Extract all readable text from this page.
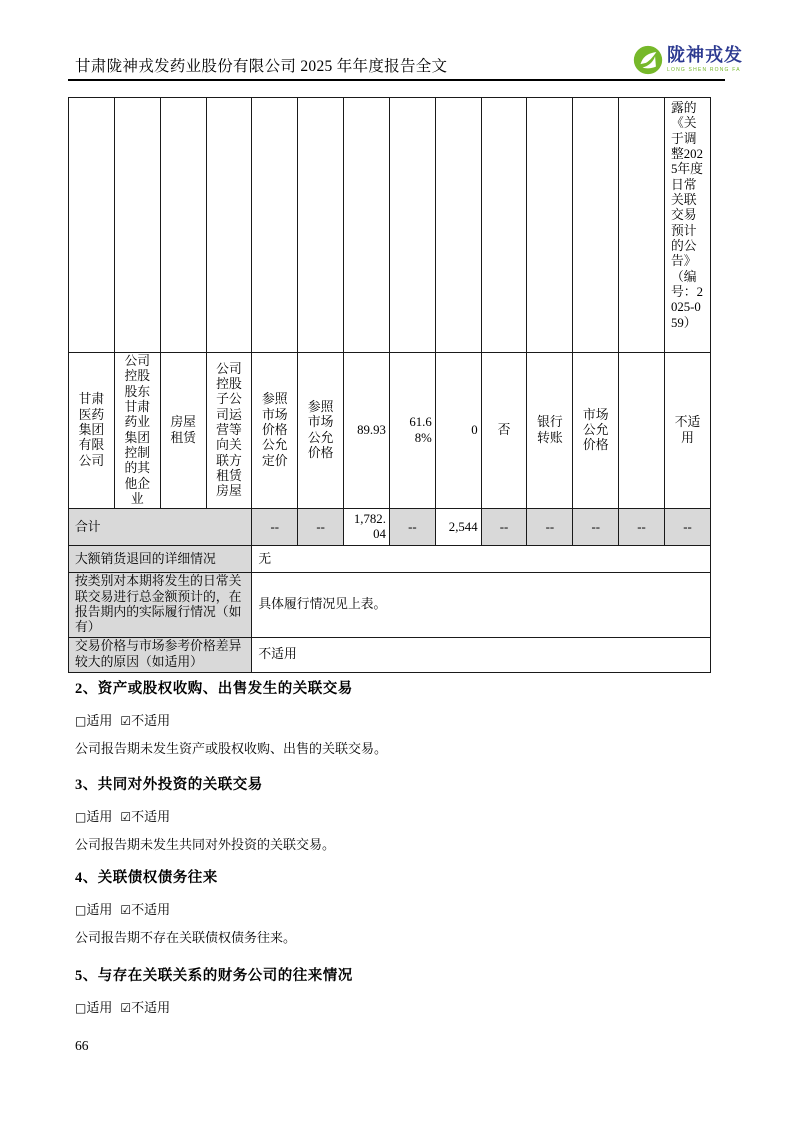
甘肃陇神戎发药业股份有限公司 2025 年年度报告全文
陇神戎发
LONG SHEN RONG FA
													露的《关于调整2025年度日常关联交易预计的公告》（编号：2025-059）
甘肃医药集团有限公司	公司控股股东甘肃药业集团控制的其他企业	房屋租赁	公司控股子公司运营等向关联方租赁房屋	参照市场价格公允定价	参照市场公允价格	89.93	61.68%	0	否	银行转账	市场公允价格		不适用
合计				--	--	1,782.04	--	2,544	--	--	--	--	--
大额销货退回的详细情况				无									
按类别对本期将发生的日常关联交易进行总金额预计的，在报告期内的实际履行情况（如有）				具体履行情况见上表。									
交易价格与市场参考价格差异较大的原因（如适用）				不适用									
2、资产或股权收购、出售发生的关联交易
□适用 ☑不适用
公司报告期未发生资产或股权收购、出售的关联交易。
3、共同对外投资的关联交易
□适用 ☑不适用
公司报告期未发生共同对外投资的关联交易。
4、关联债权债务往来
□适用 ☑不适用
公司报告期不存在关联债权债务往来。
5、与存在关联关系的财务公司的往来情况
□适用 ☑不适用
66
